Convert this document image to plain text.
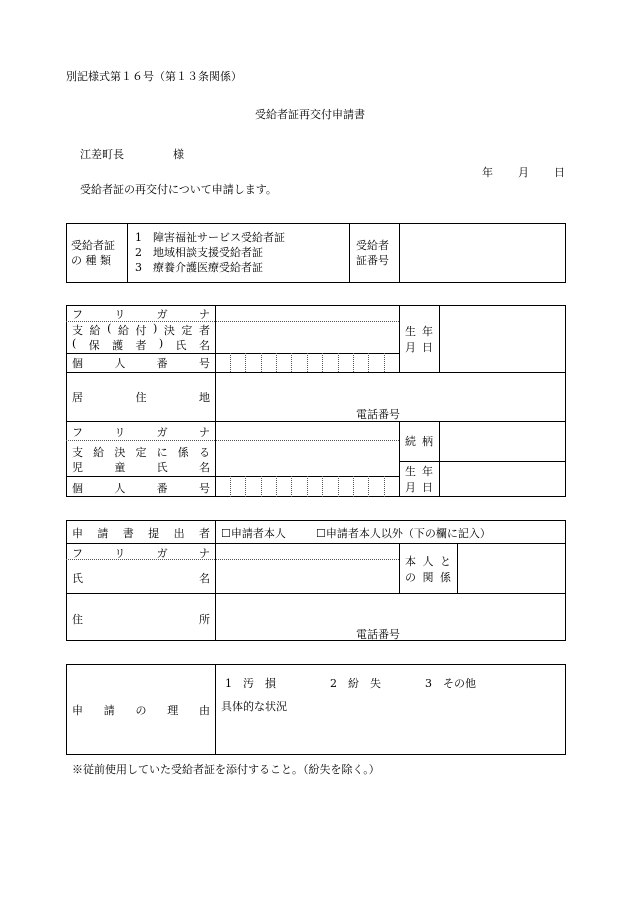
別記様式第１６号（第１３条関係）
受給者証再交付申請書
江差町長	様
年 月 日
受給者証の再交付について申請します。
受給者証
の 種 類
1　障害福祉サービス受給者証
2　地域相談支援受給者証
3　療養介護医療受給者証
受給者
証番号
フ	リ	ガ	ナ
支 給 ( 給 付 ) 決 定 者
( 保 護 者 ) 氏 名
生 年
月 日
個	人	番	号
居	住	地
電話番号
フ	リ	ガ	ナ
続 柄
支 給 決 定 に 係 る
児	童	氏	名	生 年
月 日
個	人	番	号
申 請 書 提 出 者 ☐申請者本人	☐申請者本人以外（下の欄に記入）
フ	リ	ガ	ナ
氏	名
本 人 と
の 関 係
住	所
電話番号
申 請 の 理 由
1　汚　損	2　紛　失	3　その他
具体的な状況
※従前使用していた受給者証を添付すること。（紛失を除く。）
